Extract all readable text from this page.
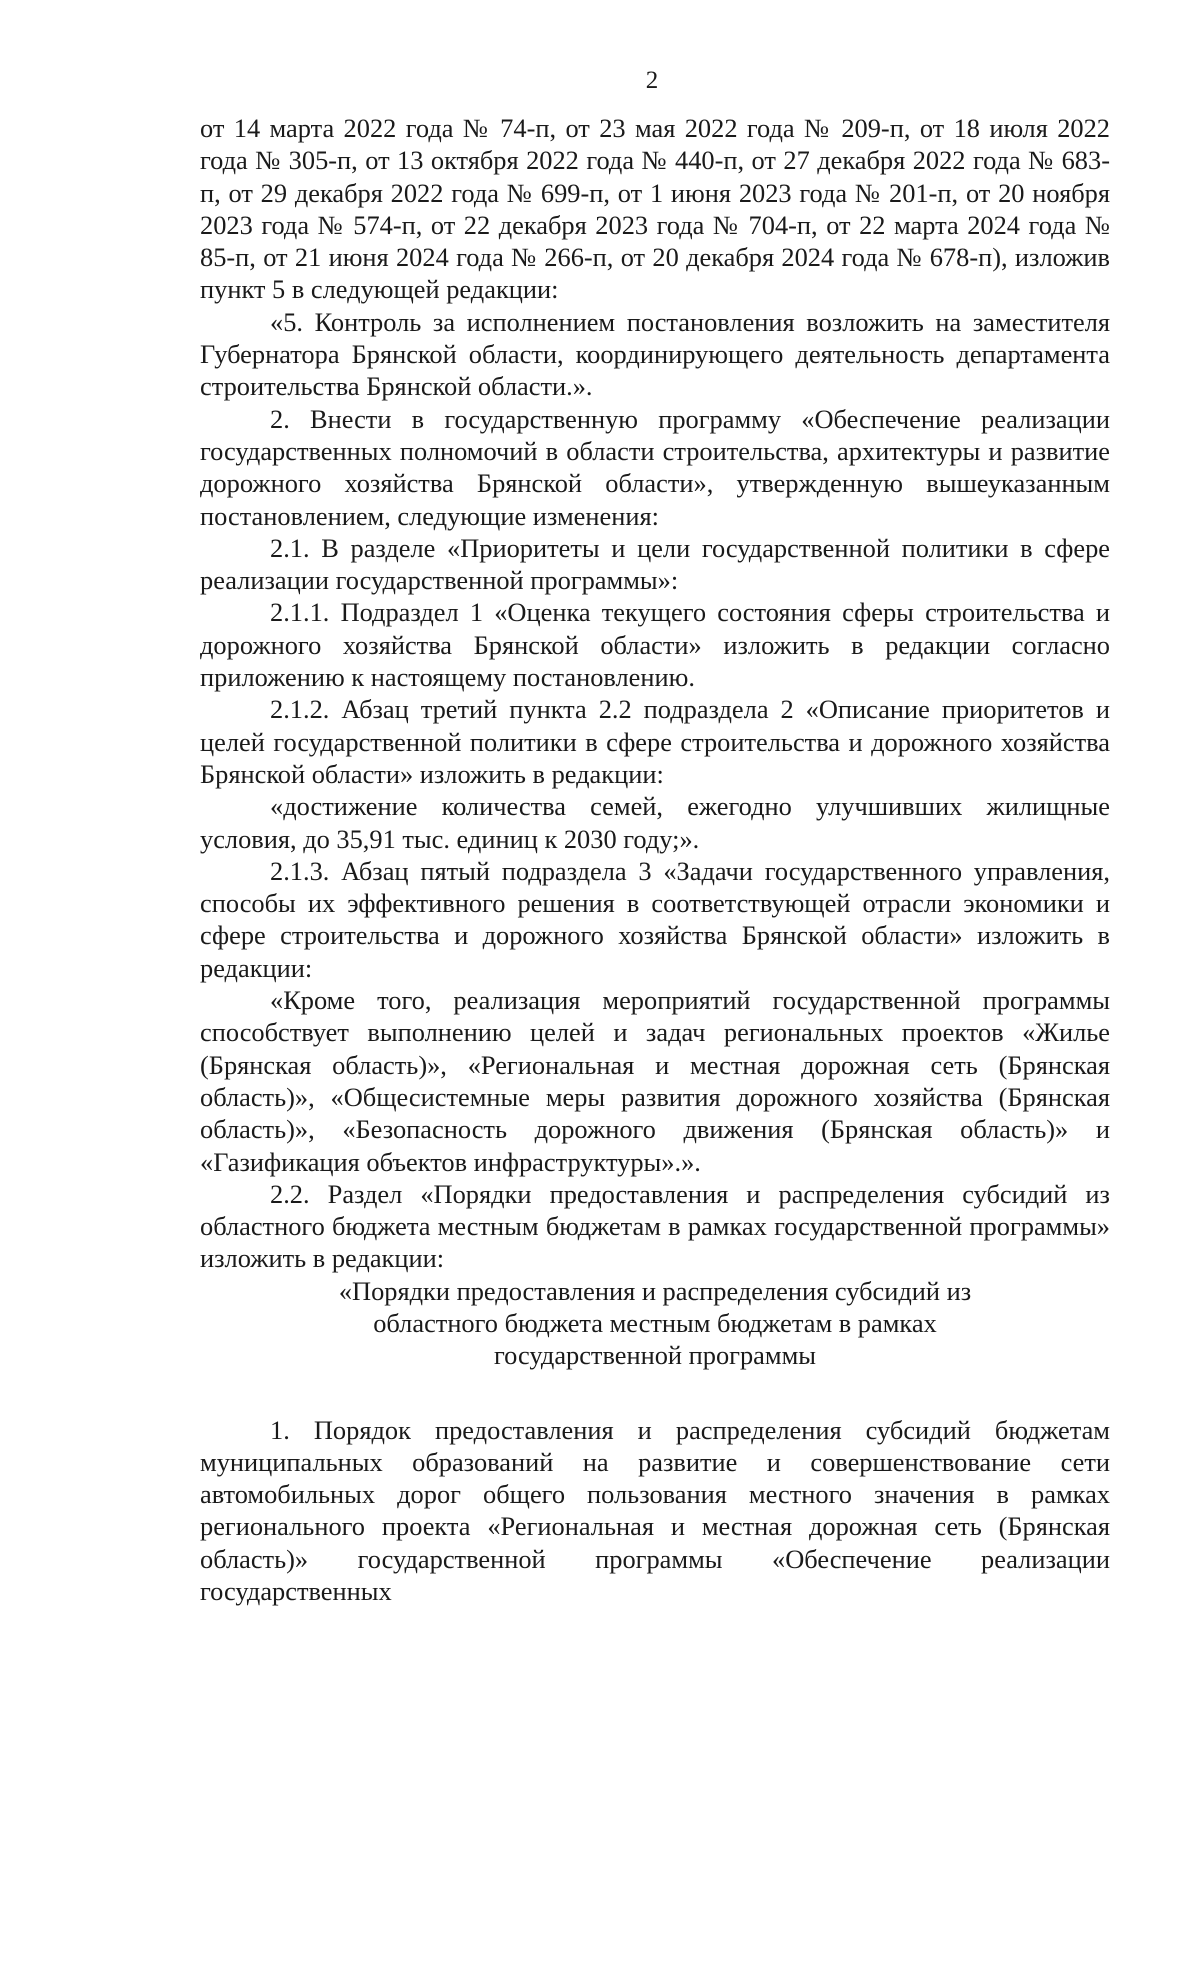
2

от 14 марта 2022 года № 74-п, от 23 мая 2022 года № 209-п, от 18 июля 2022 года № 305-п, от 13 октября 2022 года № 440-п, от 27 декабря 2022 года № 683-п, от 29 декабря 2022 года № 699-п, от 1 июня 2023 года № 201-п, от 20 ноября 2023 года № 574-п, от 22 декабря 2023 года № 704-п, от 22 марта 2024 года № 85-п, от 21 июня 2024 года № 266-п, от 20 декабря 2024 года № 678-п), изложив пункт 5 в следующей редакции:

«5. Контроль за исполнением постановления возложить на заместителя Губернатора Брянской области, координирующего деятельность департамента строительства Брянской области.».

2. Внести в государственную программу «Обеспечение реализации государственных полномочий в области строительства, архитектуры и развитие дорожного хозяйства Брянской области», утвержденную вышеуказанным постановлением, следующие изменения:

2.1. В разделе «Приоритеты и цели государственной политики в сфере реализации государственной программы»:

2.1.1. Подраздел 1 «Оценка текущего состояния сферы строительства и дорожного хозяйства Брянской области» изложить в редакции согласно приложению к настоящему постановлению.

2.1.2. Абзац третий пункта 2.2 подраздела 2 «Описание приоритетов и целей государственной политики в сфере строительства и дорожного хозяйства Брянской области» изложить в редакции:

«достижение количества семей, ежегодно улучшивших жилищные условия, до 35,91 тыс. единиц к 2030 году;».

2.1.3. Абзац пятый подраздела 3 «Задачи государственного управления, способы их эффективного решения в соответствующей отрасли экономики и сфере строительства и дорожного хозяйства Брянской области» изложить в редакции:

«Кроме того, реализация мероприятий государственной программы способствует выполнению целей и задач региональных проектов «Жилье (Брянская область)», «Региональная и местная дорожная сеть (Брянская область)», «Общесистемные меры развития дорожного хозяйства (Брянская область)», «Безопасность дорожного движения (Брянская область)» и «Газификация объектов инфраструктуры».».

2.2. Раздел «Порядки предоставления и распределения субсидий из областного бюджета местным бюджетам в рамках государственной программы» изложить в редакции:

«Порядки предоставления и распределения субсидий из областного бюджета местным бюджетам в рамках государственной программы

1. Порядок предоставления и распределения субсидий бюджетам муниципальных образований на развитие и совершенствование сети автомобильных дорог общего пользования местного значения в рамках регионального проекта «Региональная и местная дорожная сеть (Брянская область)» государственной программы «Обеспечение реализации государственных
